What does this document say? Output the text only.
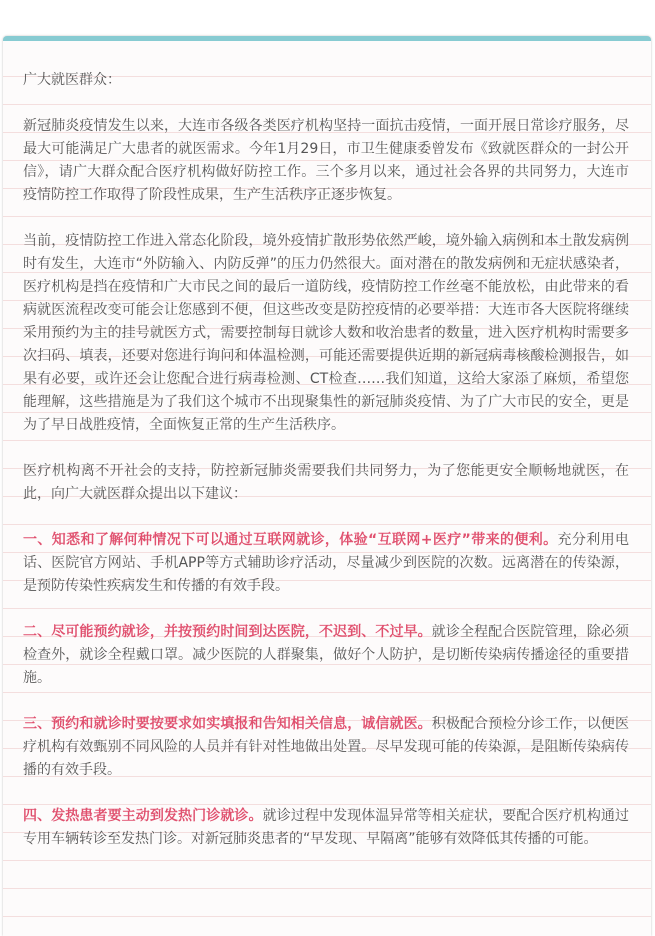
广大就医群众：

新冠肺炎疫情发生以来，大连市各级各类医疗机构坚持一面抗击疫情，一面开展日常诊疗服务，尽最大可能满足广大患者的就医需求。今年1月29日，市卫生健康委曾发布《致就医群众的一封公开信》，请广大群众配合医疗机构做好防控工作。三个多月以来，通过社会各界的共同努力，大连市疫情防控工作取得了阶段性成果，生产生活秩序正逐步恢复。

当前，疫情防控工作进入常态化阶段，境外疫情扩散形势依然严峻，境外输入病例和本土散发病例时有发生，大连市“外防输入、内防反弹”的压力仍然很大。面对潜在的散发病例和无症状感染者，医疗机构是挡在疫情和广大市民之间的最后一道防线，疫情防控工作丝毫不能放松，由此带来的看病就医流程改变可能会让您感到不便，但这些改变是防控疫情的必要举措：大连市各大医院将继续采用预约为主的挂号就医方式，需要控制每日就诊人数和收治患者的数量，进入医疗机构时需要多次扫码、填表，还要对您进行询问和体温检测，可能还需要提供近期的新冠病毒核酸检测报告，如果有必要，或许还会让您配合进行病毒检测、CT检查……我们知道，这给大家添了麻烦，希望您能理解，这些措施是为了我们这个城市不出现聚集性的新冠肺炎疫情、为了广大市民的安全，更是为了早日战胜疫情，全面恢复正常的生产生活秩序。

医疗机构离不开社会的支持，防控新冠肺炎需要我们共同努力，为了您能更安全顺畅地就医，在此，向广大就医群众提出以下建议：

一、知悉和了解何种情况下可以通过互联网就诊，体验“互联网+医疗”带来的便利。充分利用电话、医院官方网站、手机APP等方式辅助诊疗活动，尽量减少到医院的次数。远离潜在的传染源，是预防传染性疾病发生和传播的有效手段。

二、尽可能预约就诊，并按预约时间到达医院，不迟到、不过早。就诊全程配合医院管理，除必须检查外，就诊全程戴口罩。减少医院的人群聚集，做好个人防护，是切断传染病传播途径的重要措施。

三、预约和就诊时要按要求如实填报和告知相关信息，诚信就医。积极配合预检分诊工作，以便医疗机构有效甄别不同风险的人员并有针对性地做出处置。尽早发现可能的传染源，是阻断传染病传播的有效手段。

四、发热患者要主动到发热门诊就诊。就诊过程中发现体温异常等相关症状，要配合医疗机构通过专用车辆转诊至发热门诊。对新冠肺炎患者的“早发现、早隔离”能够有效降低其传播的可能。
